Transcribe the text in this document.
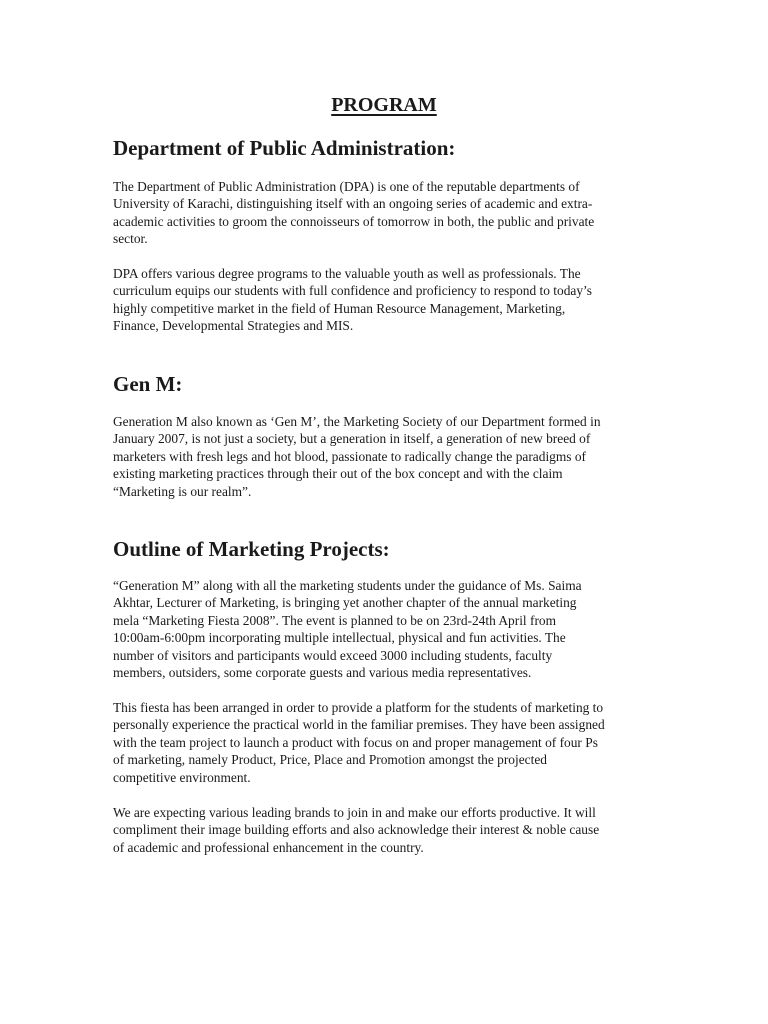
PROGRAM
Department of Public Administration:

The Department of Public Administration (DPA) is one of the reputable departments of
University of Karachi, distinguishing itself with an ongoing series of academic and extra-
academic activities to groom the connoisseurs of tomorrow in both, the public and private
sector.

DPA offers various degree programs to the valuable youth as well as professionals. The
curriculum equips our students with full confidence and proficiency to respond to today’s
highly competitive market in the field of Human Resource Management, Marketing,
Finance, Developmental Strategies and MIS.

Gen M:

Generation M also known as ‘Gen M’, the Marketing Society of our Department formed in
January 2007, is not just a society, but a generation in itself, a generation of new breed of
marketers with fresh legs and hot blood, passionate to radically change the paradigms of
existing marketing practices through their out of the box concept and with the claim
“Marketing is our realm”.

Outline of Marketing Projects:

“Generation M” along with all the marketing students under the guidance of Ms. Saima
Akhtar, Lecturer of Marketing, is bringing yet another chapter of the annual marketing
mela “Marketing Fiesta 2008”. The event is planned to be on 23rd-24th April from
10:00am-6:00pm incorporating multiple intellectual, physical and fun activities. The
number of visitors and participants would exceed 3000 including students, faculty
members, outsiders, some corporate guests and various media representatives.

This fiesta has been arranged in order to provide a platform for the students of marketing to
personally experience the practical world in the familiar premises. They have been assigned
with the team project to launch a product with focus on and proper management of four Ps
of marketing, namely Product, Price, Place and Promotion amongst the projected
competitive environment.

We are expecting various leading brands to join in and make our efforts productive. It will
compliment their image building efforts and also acknowledge their interest & noble cause
of academic and professional enhancement in the country.
